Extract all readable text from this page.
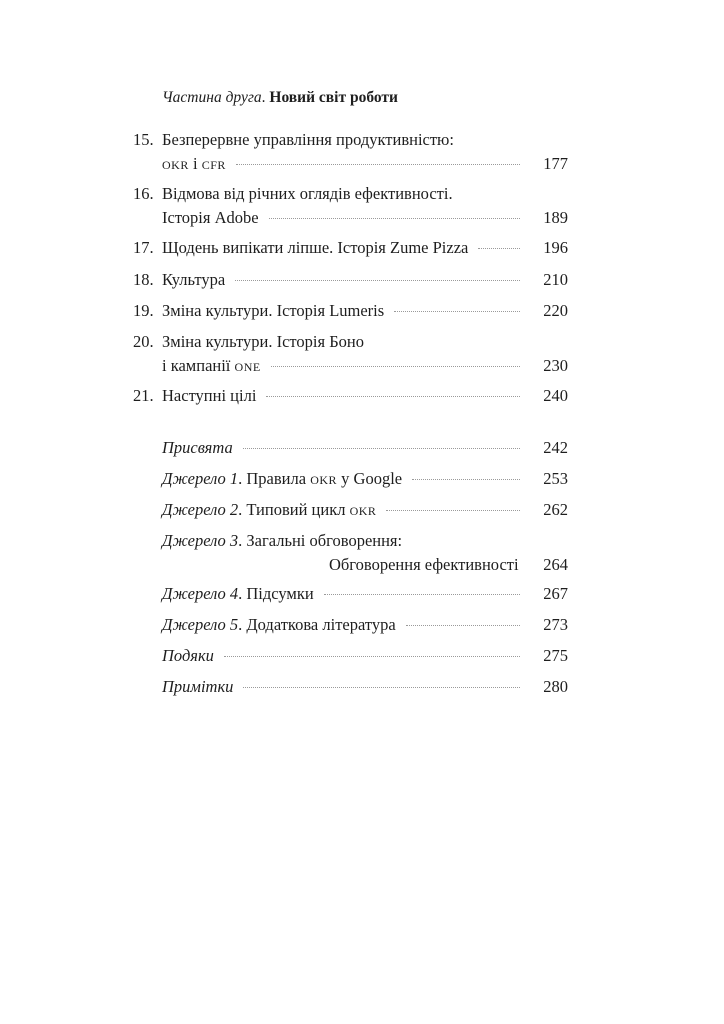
Частина друга. Новий світ роботи
15. Безперервне управління продуктивністю:
okr і cfr	177
16. Відмова від річних оглядів ефективності.
Історія Adobe	189
17. Щодень випікати ліпше. Історія Zume Pizza	196
18. Культура	210
19. Зміна культури. Історія Lumeris	220
20. Зміна культури. Історія Боно
і кампанії one	230
21. Наступні цілі	240
Присвята	242
Джерело 1. Правила okr у Google	253
Джерело 2. Типовий цикл okr	262
Джерело 3. Загальні обговорення:
Обговорення ефективності	264
Джерело 4. Підсумки	267
Джерело 5. Додаткова література	273
Подяки	275
Примітки	280
